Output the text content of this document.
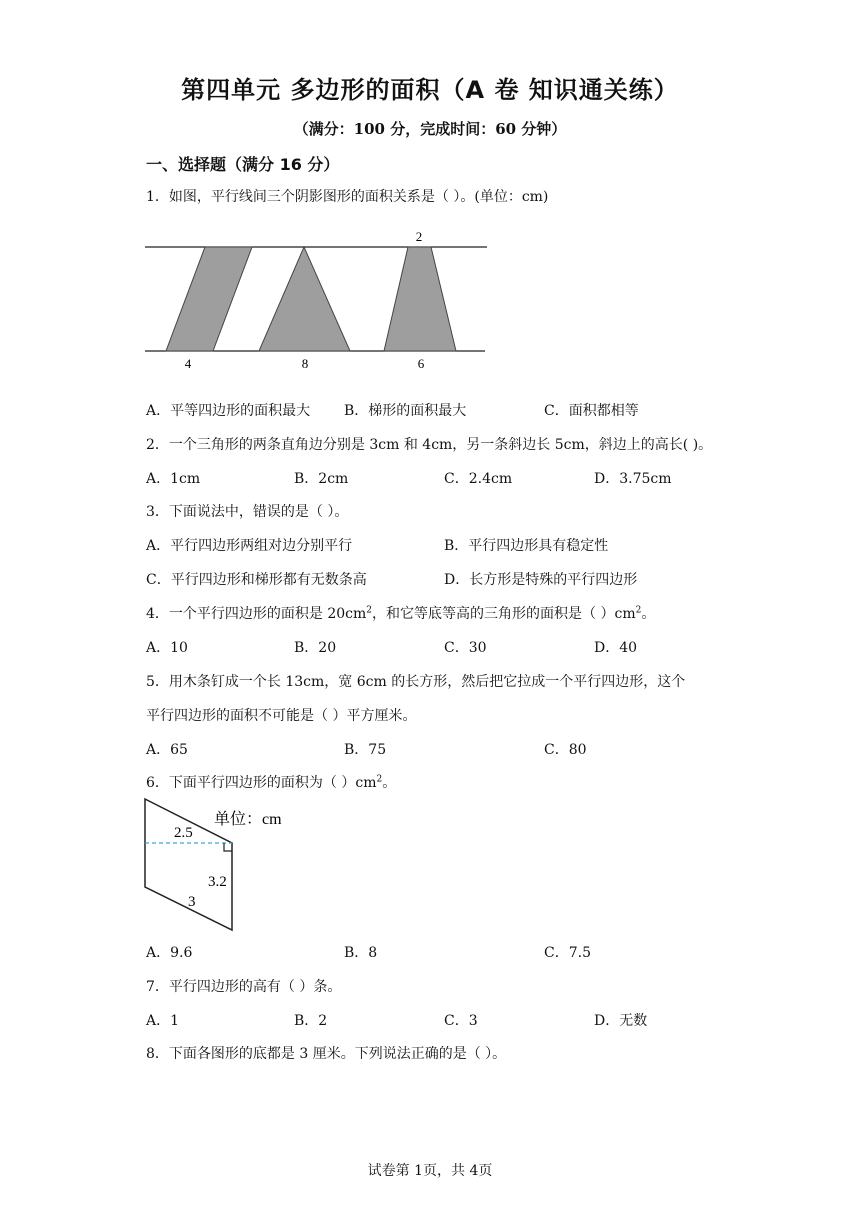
第四单元 多边形的面积（A 卷 知识通关练）
（满分：100 分，完成时间：60 分钟）
一、选择题（满分 16 分）
1．如图，平行线间三个阴影图形的面积关系是（ ）。(单位：cm)
2
4	8	6
A．平等四边形的面积最大 B．梯形的面积最大	C．面积都相等
2．一个三角形的两条直角边分别是 3cm 和 4cm，另一条斜边长 5cm，斜边上的高长( )。
A．1cm	B．2cm	C．2.4cm	D．3.75cm
3．下面说法中，错误的是（ ）。
A．平行四边形两组对边分别平行	B．平行四边形具有稳定性
C．平行四边形和梯形都有无数条高	D．长方形是特殊的平行四边形
4．一个平行四边形的面积是 $20cm^2$，和它等底等高的三角形的面积是（ ）$cm^2$。
A．10	B．20	C．30	D．40
5．用木条钉成一个长 13cm，宽 6cm 的长方形，然后把它拉成一个平行四边形，这个
平行四边形的面积不可能是（ ）平方厘米。
A．65	B．75	C．80
6．下面平行四边形的面积为（ ）$cm^2$。
单位：cm
2.5
3.2
3
A．9.6	B．8	C．7.5
7．平行四边形的高有（ ）条。
A．1	B．2	C．3	D．无数
8．下面各图形的底都是 3 厘米。下列说法正确的是（ ）。
试卷第 1页，共 4页
